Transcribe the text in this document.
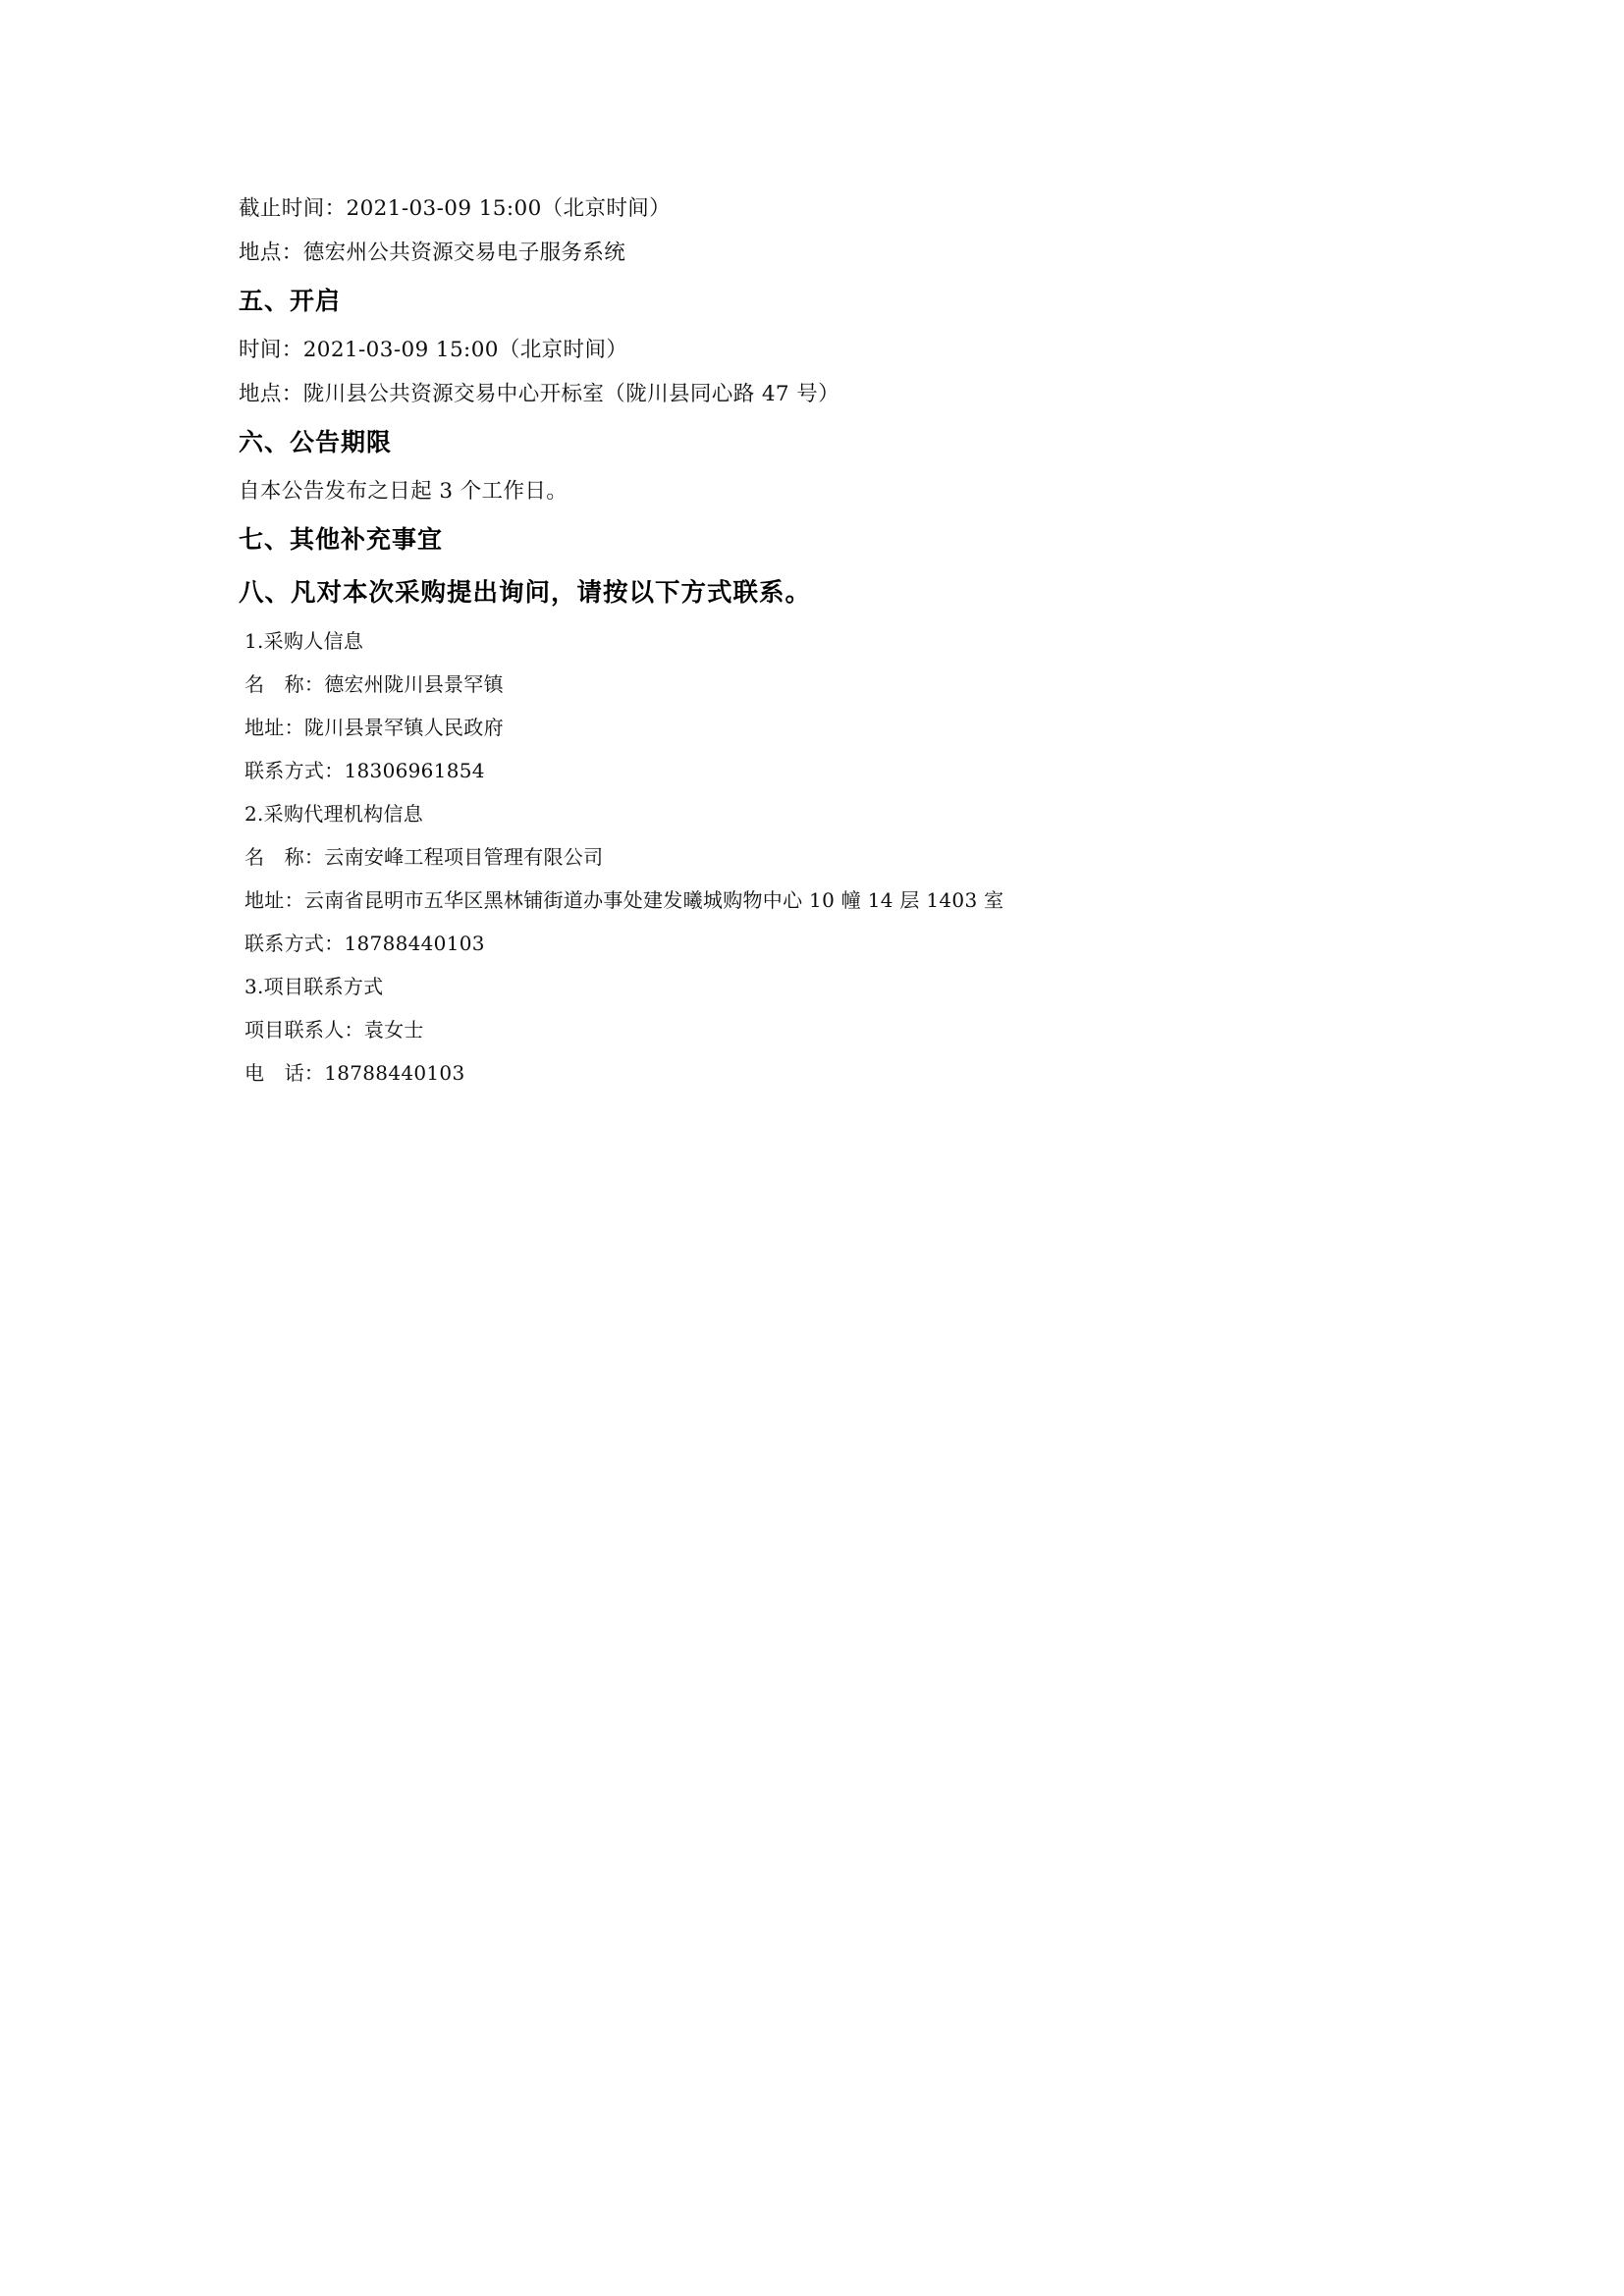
截止时间：2021-03-09 15:00（北京时间）
地点：德宏州公共资源交易电子服务系统
五、开启
时间：2021-03-09 15:00（北京时间）
地点：陇川县公共资源交易中心开标室（陇川县同心路 47 号）
六、公告期限
自本公告发布之日起 3 个工作日。
七、其他补充事宜
八、凡对本次采购提出询问，请按以下方式联系。
1.采购人信息
名　称：德宏州陇川县景罕镇
地址：陇川县景罕镇人民政府
联系方式：18306961854
2.采购代理机构信息
名　称：云南安峰工程项目管理有限公司
地址：云南省昆明市五华区黑林铺街道办事处建发曦城购物中心 10 幢 14 层 1403 室
联系方式：18788440103
3.项目联系方式
项目联系人：袁女士
电　话：18788440103
